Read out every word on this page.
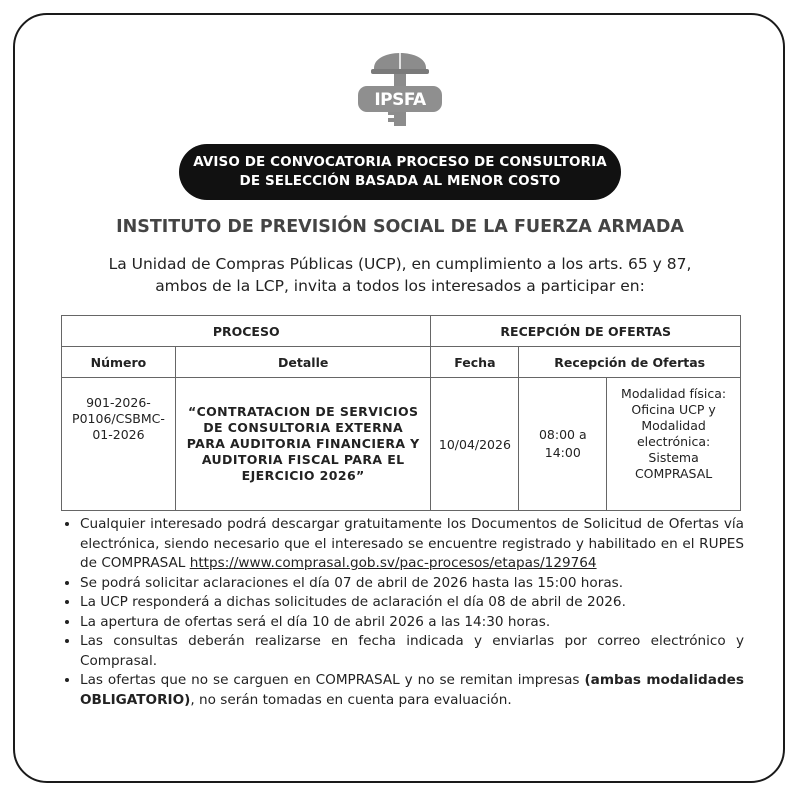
IPSFA
AVISO DE CONVOCATORIA PROCESO DE CONSULTORIA
DE SELECCIÓN BASADA AL MENOR COSTO
INSTITUTO DE PREVISIÓN SOCIAL DE LA FUERZA ARMADA
La Unidad de Compras Públicas (UCP), en cumplimiento a los arts. 65 y 87,
ambos de la LCP, invita a todos los interesados a participar en:
PROCESO		RECEPCIÓN DE OFERTAS		
Número	Detalle	Fecha	Recepción de Ofertas	
901-2026-P0106/CSBMC-01-2026	“CONTRATACION DE SERVICIOS DE CONSULTORIA EXTERNA PARA AUDITORIA FINANCIERA Y AUDITORIA FISCAL PARA EL EJERCICIO 2026”	10/04/2026	08:00 a 14:00	Modalidad física: Oficina UCP y Modalidad electrónica: Sistema COMPRASAL
• Cualquier interesado podrá descargar gratuitamente los Documentos de Solicitud de Ofertas vía electrónica, siendo necesario que el interesado se encuentre registrado y habilitado en el RUPES de COMPRASAL https://www.comprasal.gob.sv/pac-procesos/etapas/129764
• Se podrá solicitar aclaraciones el día 07 de abril de 2026 hasta las 15:00 horas.
• La UCP responderá a dichas solicitudes de aclaración el día 08 de abril de 2026.
• La apertura de ofertas será el día 10 de abril 2026 a las 14:30 horas.
• Las consultas deberán realizarse en fecha indicada y enviarlas por correo electrónico y Comprasal.
• Las ofertas que no se carguen en COMPRASAL y no se remitan impresas (ambas modalidades OBLIGATORIO), no serán tomadas en cuenta para evaluación.
